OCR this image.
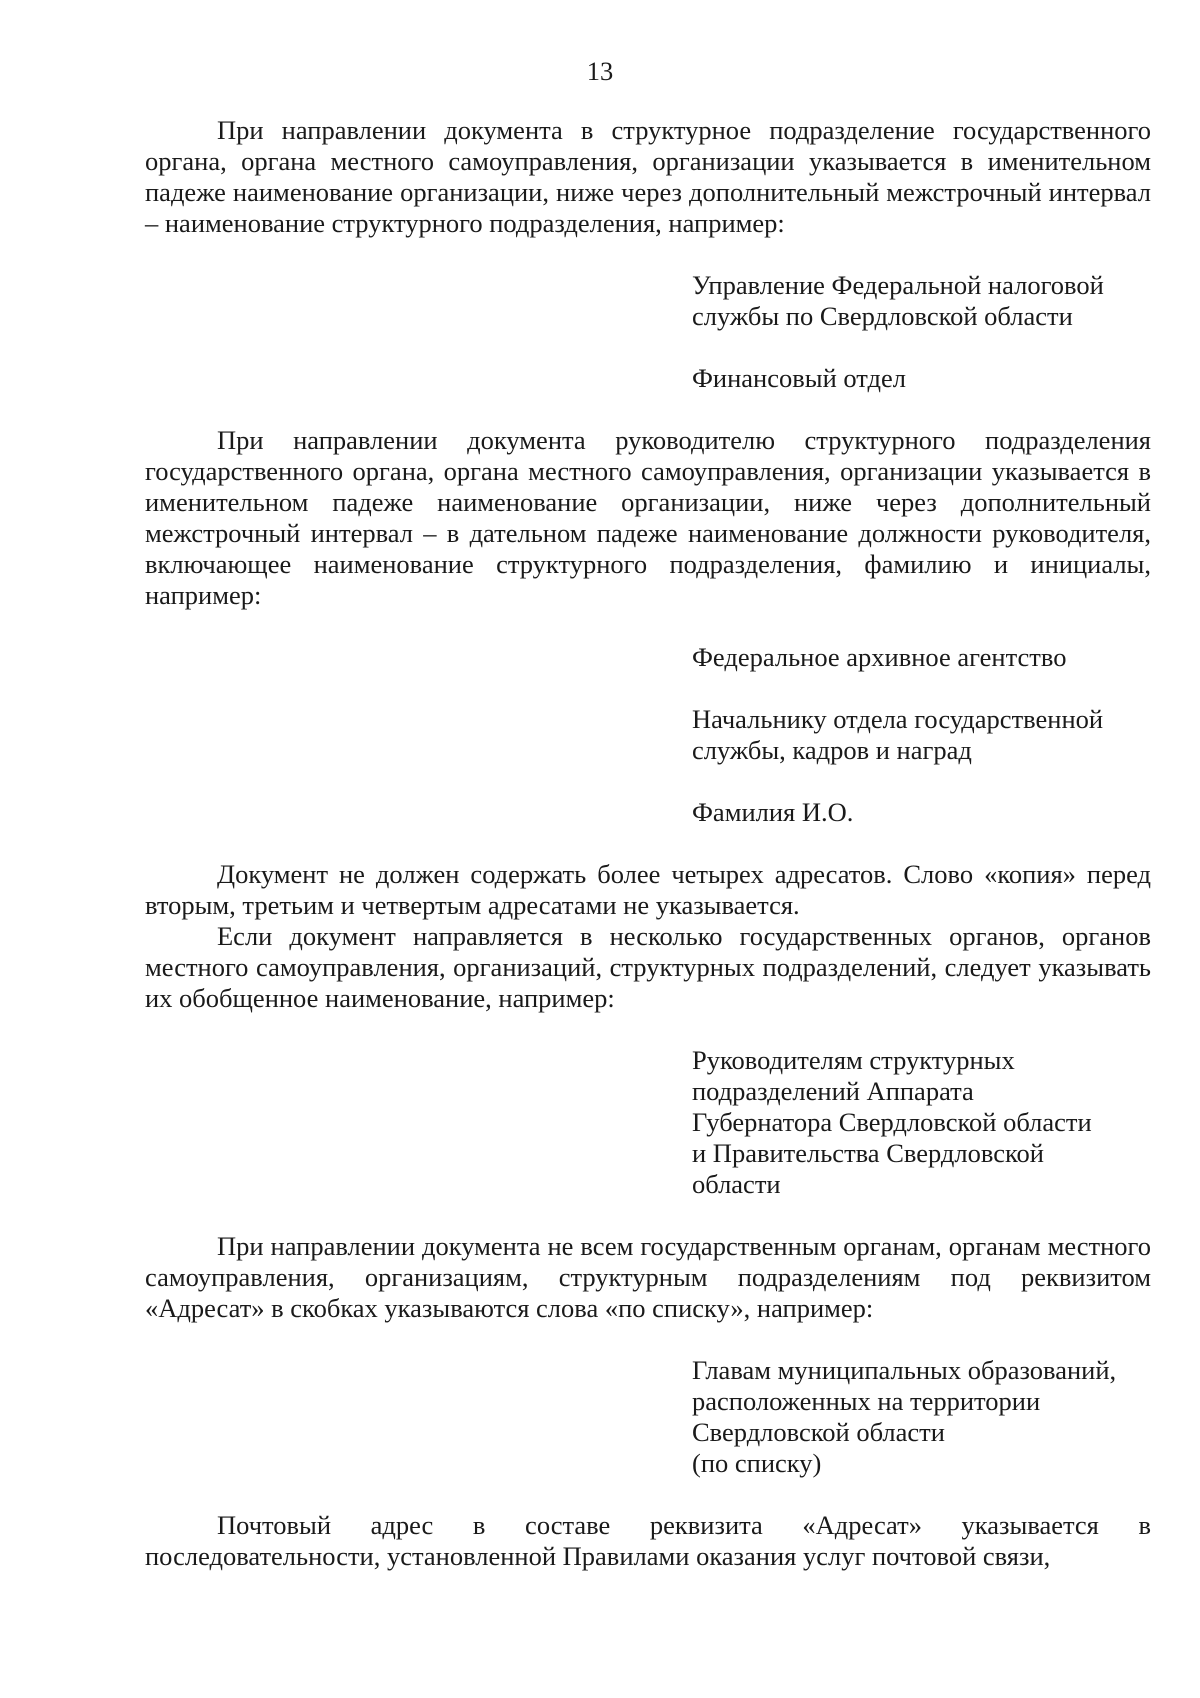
13

При направлении документа в структурное подразделение государственного органа, органа местного самоуправления, организации указывается в именительном падеже наименование организации, ниже через дополнительный межстрочный интервал – наименование структурного подразделения, например:

Управление Федеральной налоговой
службы по Свердловской области
Финансовый отдел

При направлении документа руководителю структурного подразделения государственного органа, органа местного самоуправления, организации указывается в именительном падеже наименование организации, ниже через дополнительный межстрочный интервал – в дательном падеже наименование должности руководителя, включающее наименование структурного подразделения, фамилию и инициалы, например:

Федеральное архивное агентство
Начальнику отдела государственной
службы, кадров и наград
Фамилия И.О.

Документ не должен содержать более четырех адресатов. Слово «копия» перед вторым, третьим и четвертым адресатами не указывается.

Если документ направляется в несколько государственных органов, органов местного самоуправления, организаций, структурных подразделений, следует указывать их обобщенное наименование, например:

Руководителям структурных
подразделений Аппарата
Губернатора Свердловской области
и Правительства Свердловской
области

При направлении документа не всем государственным органам, органам местного самоуправления, организациям, структурным подразделениям под реквизитом «Адресат» в скобках указываются слова «по списку», например:

Главам муниципальных образований,
расположенных на территории
Свердловской области
(по списку)

Почтовый адрес в составе реквизита «Адресат» указывается в последовательности, установленной Правилами оказания услуг почтовой связи,
